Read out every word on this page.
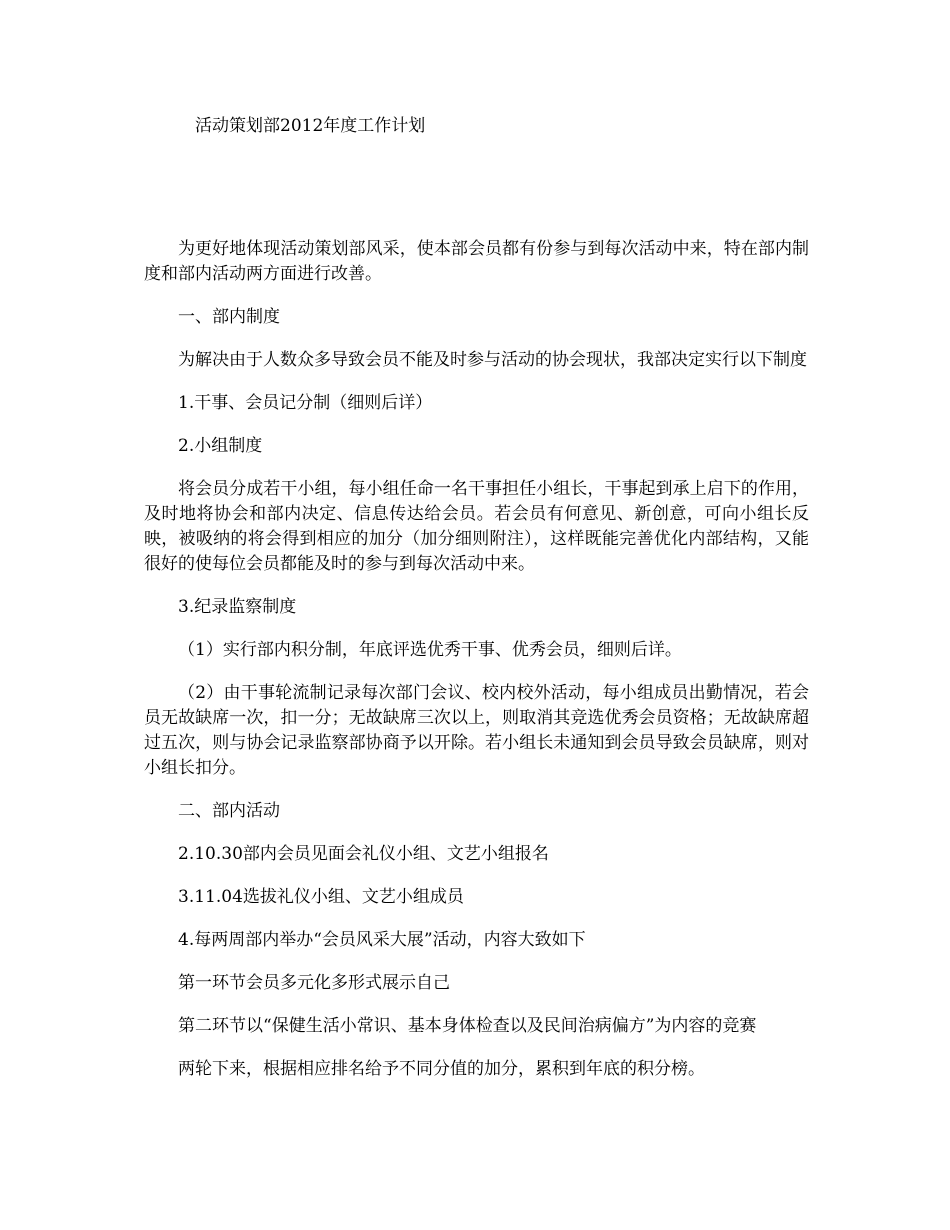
活动策划部2012年度工作计划

为更好地体现活动策划部风采，使本部会员都有份参与到每次活动中来，特在部内制度和部内活动两方面进行改善。

一、部内制度

为解决由于人数众多导致会员不能及时参与活动的协会现状，我部决定实行以下制度

1.干事、会员记分制（细则后详）

2.小组制度

将会员分成若干小组，每小组任命一名干事担任小组长，干事起到承上启下的作用，及时地将协会和部内决定、信息传达给会员。若会员有何意见、新创意，可向小组长反映，被吸纳的将会得到相应的加分（加分细则附注），这样既能完善优化内部结构，又能很好的使每位会员都能及时的参与到每次活动中来。

3.纪录监察制度

（1）实行部内积分制，年底评选优秀干事、优秀会员，细则后详。

（2）由干事轮流制记录每次部门会议、校内校外活动，每小组成员出勤情况，若会员无故缺席一次，扣一分；无故缺席三次以上，则取消其竞选优秀会员资格；无故缺席超过五次，则与协会记录监察部协商予以开除。若小组长未通知到会员导致会员缺席，则对小组长扣分。

二、部内活动

2.10.30部内会员见面会礼仪小组、文艺小组报名

3.11.04选拔礼仪小组、文艺小组成员

4.每两周部内举办“会员风采大展”活动，内容大致如下

第一环节会员多元化多形式展示自己

第二环节以“保健生活小常识、基本身体检查以及民间治病偏方”为内容的竞赛

两轮下来，根据相应排名给予不同分值的加分，累积到年底的积分榜。
